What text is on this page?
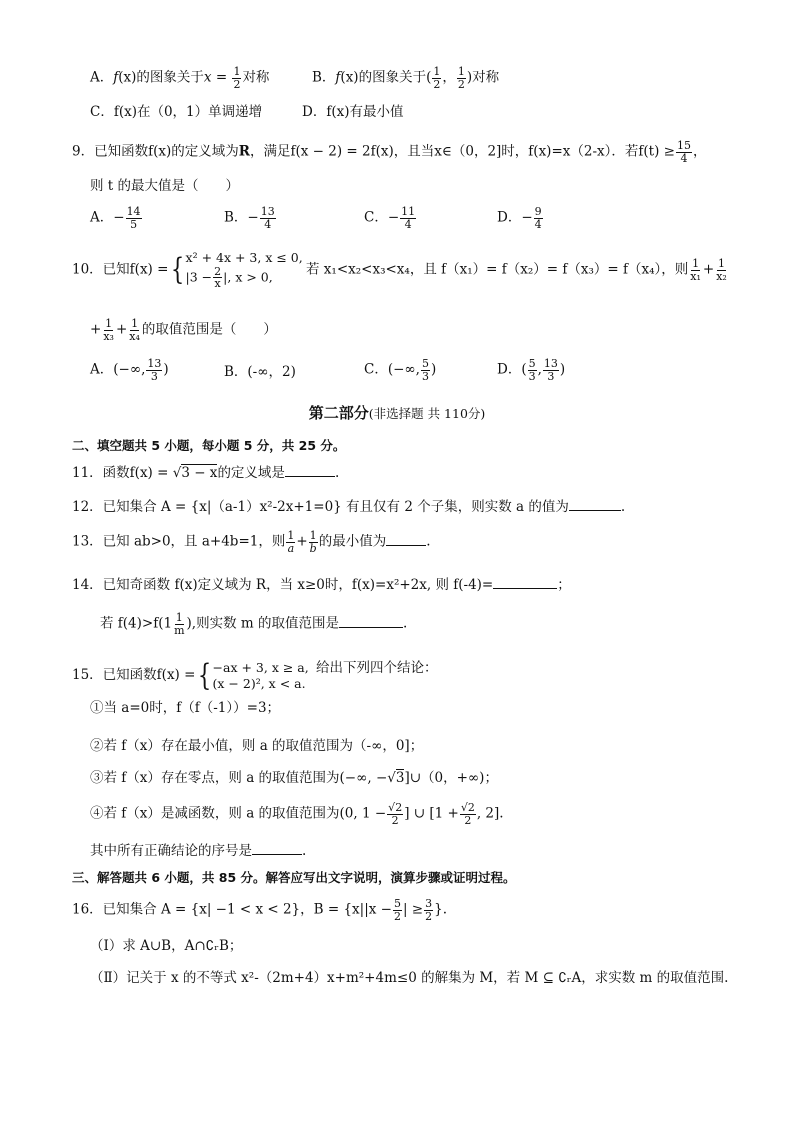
A．f(x)的图象关于$x = \frac{1}{2}$ 对称	B．f(x)的图象关于( $\frac{1}{2}$ ， $\frac{1}{2}$ )对称
C．f(x)在（0，1）单调递增	D．f(x)有最小值
9．已知函数f(x)的定义域为R，满足f(x − 2) = 2f(x)，且当x∈（0，2]时，f(x)=x（2-x）．若$f(t) \ge \frac{15}{4}$ ，
则 t 的最大值是（　　）
A．− $\frac{14}{5}$	B．− $\frac{13}{4}$	C．− $\frac{11}{4}$	D．− $\frac{9}{4}$
10．已知f(x) ={ x² + 4x + 3, x ≤ 0,
$|3 - \frac{2}{x}$ |, x > 0,	若 x₁<x₂<x₃<x₄，且 f（x₁）= f（x₂）= f（x₃）= f（x₄），则 $\frac{1}{\text{x₁}} + \frac{1}{\text{x₂}}$
+ $\frac{1}{\text{x₃}} + \frac{1}{\text{x₄}}$ 的取值范围是（　　）
A．(−∞, $\frac{13}{3}$ )	B．(-∞，2)	C．(−∞, $\frac{5}{3}$ )	D．( $\frac{5}{3}$ , $\frac{13}{3}$ )
第二部分(非选择题 共 110分)
二、填空题共 5 小题，每小题 5 分，共 25 分。
11．函数f(x) = √3 − x的定义域是	.
12．已知集合 A = {x|（a-1）x²-2x+1=0} 有且仅有 2 个子集，则实数 a 的值为	.
13．已知 ab>0，且 a+4b=1，则 $\frac{1}{a} + \frac{1}{b}$ 的最小值为	.
14．已知奇函数 f(x)定义域为 R，当 x≥0时，f(x)=x²+2x, 则 f(-4)=	；
若 $f(4)>f(1 \frac{1}{m}$ ),则实数 m 的取值范围是	.
15．已知函数f(x) ={ −ax + 3, x ≥ a,
(x − 2)², x < a.
给出下列四个结论：
①当 a=0时，f（f（-1））=3；
②若 f（x）存在最小值，则 a 的取值范围为（-∞，0]；
③若 f（x）存在零点，则 a 的取值范围为(−∞, −√3]∪（0，+∞)；
④若 f（x）是减函数，则 a 的取值范围为(0, $1 - \frac{√2}{2}$ ] ∪ [$1 + \frac{√2}{2}$ , 2].
其中所有正确结论的序号是	.
三、解答题共 6 小题，共 85 分。解答应写出文字说明，演算步骤或证明过程。
16．已知集合 A = {x| −1 < x < 2}，$B = \{x||x - \frac{5}{2}$ | ≥ $\frac{3}{2}$ }.
（Ⅰ）求 A∪B，A∩∁ᵣB；
（Ⅱ）记关于 x 的不等式 x²-（2m+4）x+m²+4m≤0 的解集为 M，若 M ⊆ ∁ᵣA，求实数 m 的取值范围.
